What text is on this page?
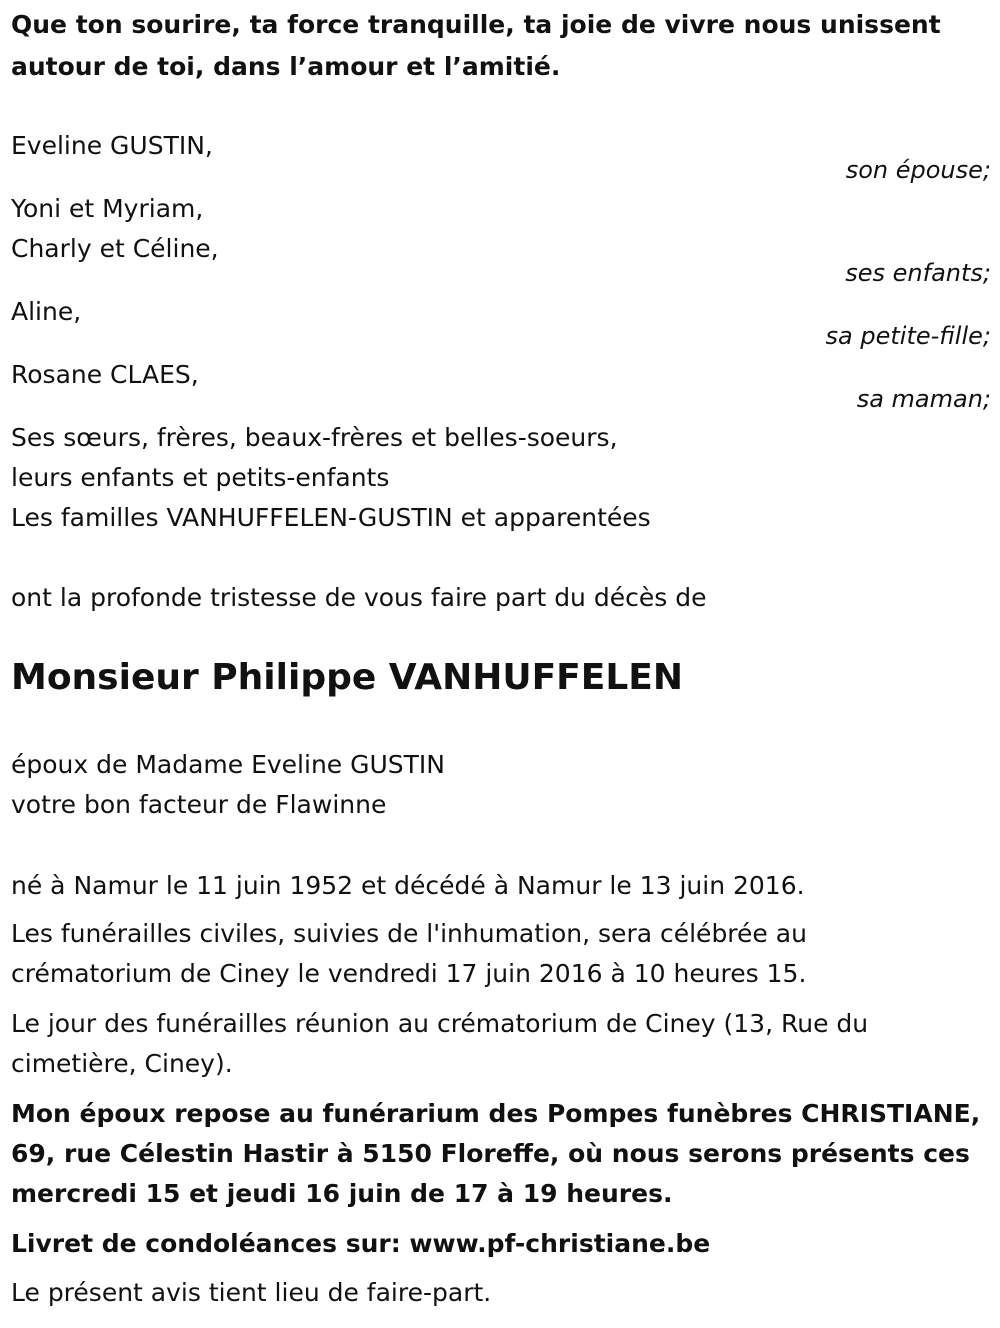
Que ton sourire, ta force tranquille, ta joie de vivre nous unissent

autour de toi, dans l’amour et l’amitié.

Eveline GUSTIN,

son épouse;

Yoni et Myriam,

Charly et Céline,

ses enfants;

Aline,

sa petite-fille;

Rosane CLAES,

sa maman;

Ses sœurs, frères, beaux-frères et belles-soeurs,

leurs enfants et petits-enfants

Les familles VANHUFFELEN-GUSTIN et apparentées

ont la profonde tristesse de vous faire part du décès de

Monsieur Philippe VANHUFFELEN

époux de Madame Eveline GUSTIN

votre bon facteur de Flawinne

né à Namur le 11 juin 1952 et décédé à Namur le 13 juin 2016.

Les funérailles civiles, suivies de l'inhumation, sera célébrée au

crématorium de Ciney le vendredi 17 juin 2016 à 10 heures 15.

Le jour des funérailles réunion au crématorium de Ciney (13, Rue du

cimetière, Ciney).

Mon époux repose au funérarium des Pompes funèbres CHRISTIANE,

69, rue Célestin Hastir à 5150 Floreffe, où nous serons présents ces

mercredi 15 et jeudi 16 juin de 17 à 19 heures.

Livret de condoléances sur: www.pf-christiane.be

Le présent avis tient lieu de faire-part.
